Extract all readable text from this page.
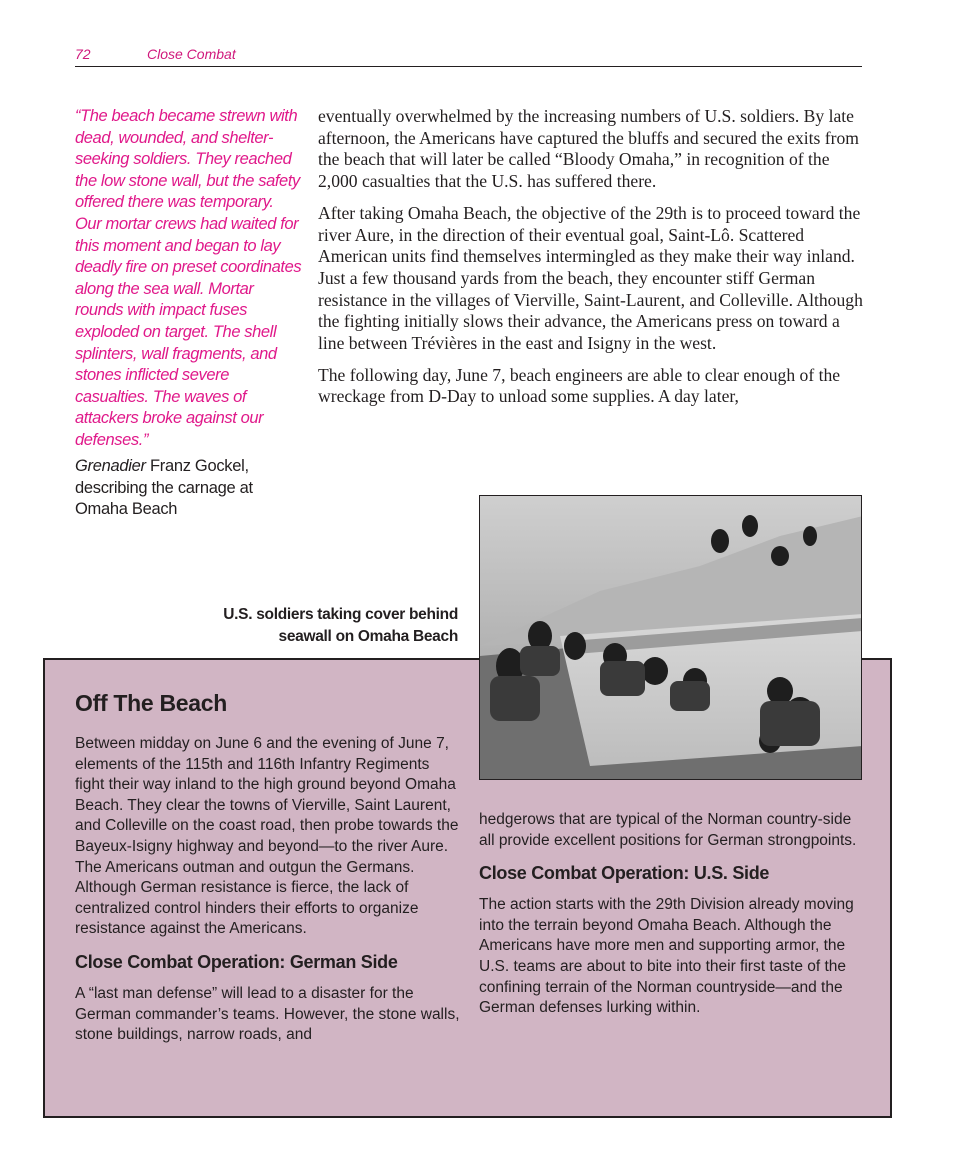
72	Close Combat
“The beach became strewn with dead, wounded, and shelter-seeking soldiers. They reached the low stone wall, but the safety offered there was temporary. Our mortar crews had waited for this moment and began to lay deadly fire on preset coordinates along the sea wall. Mortar rounds with impact fuses exploded on target. The shell splinters, wall fragments, and stones inflicted severe casualties. The waves of attackers broke against our defenses.”
Grenadier Franz Gockel, describing the carnage at Omaha Beach

eventually overwhelmed by the increasing numbers of U.S. soldiers. By late afternoon, the Americans have captured the bluffs and secured the exits from the beach that will later be called “Bloody Omaha,” in recognition of the 2,000 casualties that the U.S. has suffered there.

After taking Omaha Beach, the objective of the 29th is to proceed toward the river Aure, in the direction of their eventual goal, Saint-Lô. Scattered American units find themselves intermingled as they make their way inland. Just a few thousand yards from the beach, they encounter stiff German resistance in the villages of Vierville, Saint-Laurent, and Colleville. Although the fighting initially slows their advance, the Americans press on toward a line between Trévières in the east and Isigny in the west.

The following day, June 7, beach engineers are able to clear enough of the wreckage from D-Day to unload some supplies. A day later,

U.S. soldiers taking cover behind seawall on Omaha Beach
Off The Beach

Between midday on June 6 and the evening of June 7, elements of the 115th and 116th Infantry Regiments fight their way inland to the high ground beyond Omaha Beach. They clear the towns of Vierville, Saint Laurent, and Colleville on the coast road, then probe towards the Bayeux-Isigny highway and beyond—to the river Aure. The Americans outman and outgun the Germans. Although German resistance is fierce, the lack of centralized control hinders their efforts to organize resistance against the Americans.

Close Combat Operation: German Side

A “last man defense” will lead to a disaster for the German commander’s teams. However, the stone walls, stone buildings, narrow roads, and

hedgerows that are typical of the Norman country-side all provide excellent positions for German strongpoints.

Close Combat Operation: U.S. Side

The action starts with the 29th Division already moving into the terrain beyond Omaha Beach. Although the Americans have more men and supporting armor, the U.S. teams are about to bite into their first taste of the confining terrain of the Norman countryside—and the German defenses lurking within.
